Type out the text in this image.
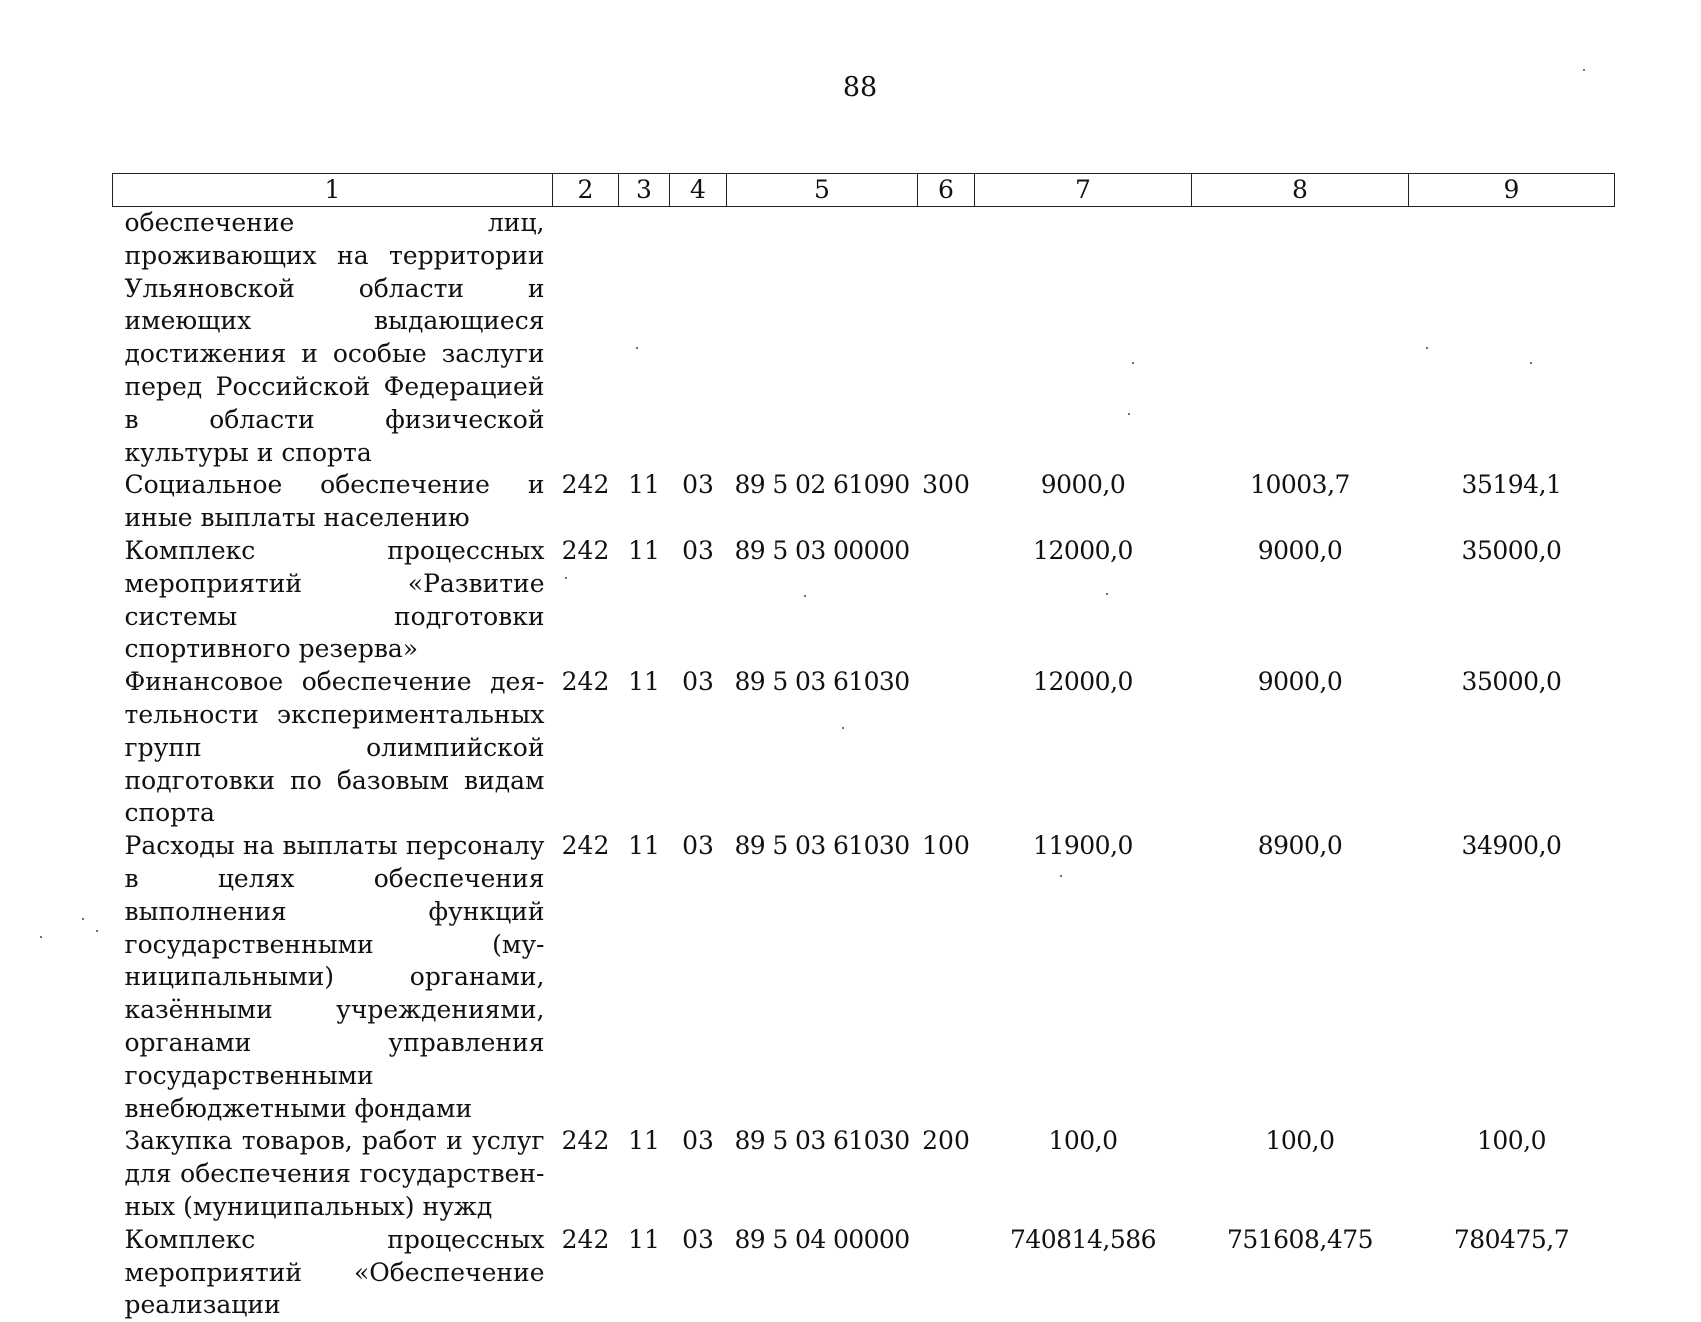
88
1	2	3	4	5	6	7	8	9
обеспечение лиц, проживающих на территории Ульяновской области и имеющих выдающиеся достижения и особые заслуги перед Российской Федерацией в области физической культуры и спорта								
Социальное обеспечение и иные выплаты населению	242	11	03	89 5 02 61090	300	9000,0	10003,7	35194,1
Комплекс процессных мероприятий «Развитие системы подготовки спортивного резерва»	242	11	03	89 5 03 00000		12000,0	9000,0	35000,0
Финансовое обеспечение деятельности экспериментальных групп олимпийской подготовки по базовым видам спорта	242	11	03	89 5 03 61030		12000,0	9000,0	35000,0
Расходы на выплаты персоналу в целях обеспечения выполнения функций государственными (муниципальными) органами, казёнными учреждениями, органами управления государственными внебюджетными фондами	242	11	03	89 5 03 61030	100	11900,0	8900,0	34900,0
Закупка товаров, работ и услуг для обеспечения государственных (муниципальных) нужд	242	11	03	89 5 03 61030	200	100,0	100,0	100,0
Комплекс процессных мероприятий «Обеспечение реализации	242	11	03	89 5 04 00000		740814,586	751608,475	780475,7
